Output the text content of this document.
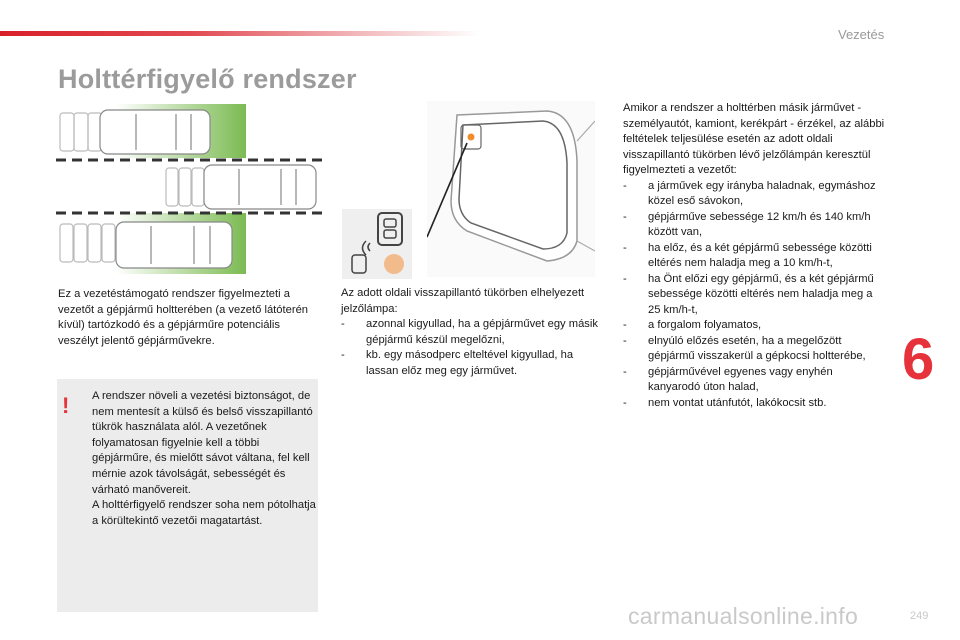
Vezetés
Holttérfigyelő rendszer

Ez a vezetéstámogató rendszer figyelmezteti a vezetőt a gépjármű holtterében (a vezető látóterén kívül) tartózkodó és a gépjárműre potenciális veszélyt jelentő gépjárművekre.

Az adott oldali visszapillantó tükörben elhelyezett jelzőlámpa:
- azonnal kigyullad, ha a gépjárművet egy másik gépjármű készül megelőzni,
- kb. egy másodperc elteltével kigyullad, ha lassan előz meg egy járművet.
! A rendszer növeli a vezetési biztonságot, de nem mentesít a külső és belső visszapillantó tükrök használata alól. A vezetőnek folyamatosan figyelnie kell a többi gépjárműre, és mielőtt sávot váltana, fel kell mérnie azok távolságát, sebességét és várható manővereit.

A holttérfigyelő rendszer soha nem pótolhatja a körültekintő vezetői magatartást.

Amikor a rendszer a holttérben másik járművet - személyautót, kamiont, kerékpárt - érzékel, az alábbi feltételek teljesülése esetén az adott oldali visszapillantó tükörben lévő jelzőlámpán keresztül figyelmezteti a vezetőt:
- a járművek egy irányba haladnak, egymáshoz közel eső sávokon,
- gépjárműve sebessége 12 km/h és 140 km/h között van,
- ha előz, és a két gépjármű sebessége közötti eltérés nem haladja meg a 10 km/h-t,
- ha Önt előzi egy gépjármű, és a két gépjármű sebessége közötti eltérés nem haladja meg a 25 km/h-t,
- a forgalom folyamatos,
- elnyúló előzés esetén, ha a megelőzött gépjármű visszakerül a gépkocsi holtterébe,
- gépjárművével egyenes vagy enyhén kanyarodó úton halad,
- nem vontat utánfutót, lakókocsit stb.
6
carmanualsonline.info	249
